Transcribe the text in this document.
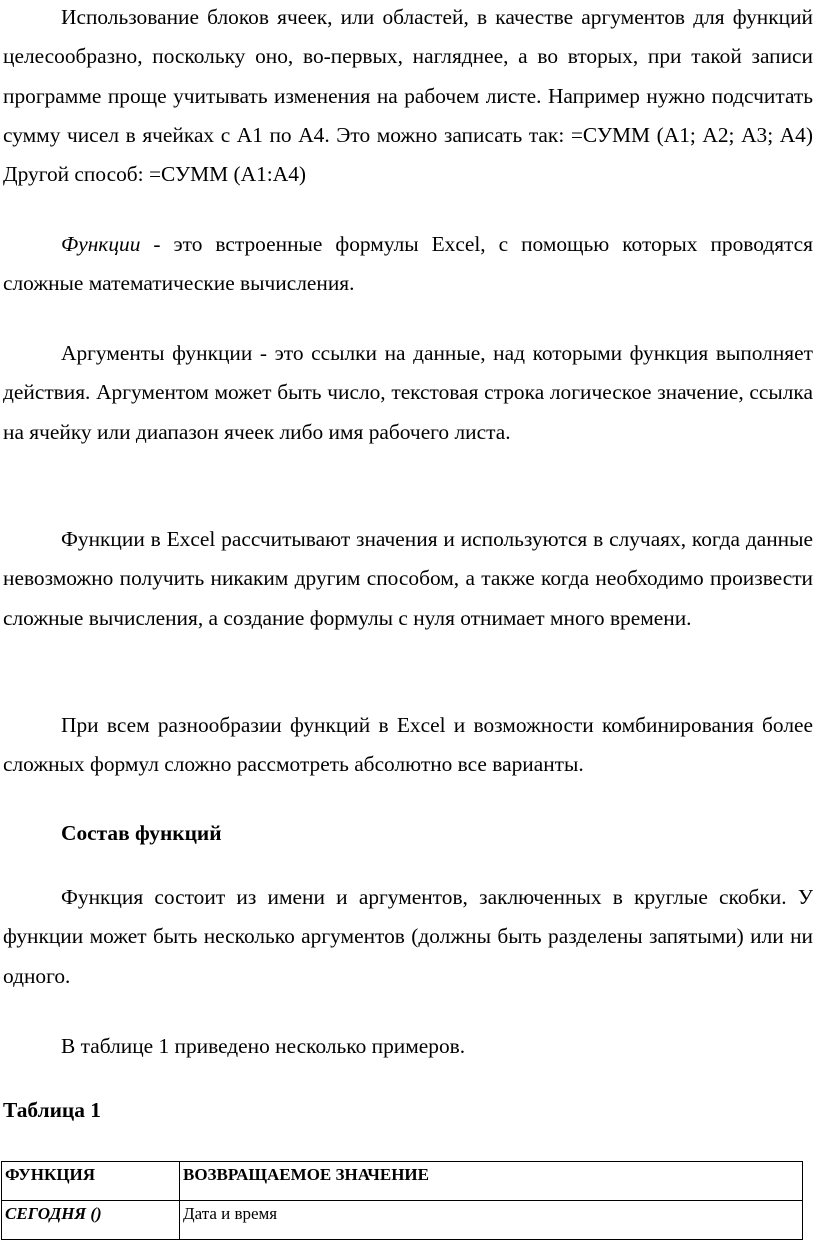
Использование блоков ячеек, или областей, в качестве аргументов для функций целесообразно, поскольку оно, во-первых, нагляднее, а во вторых, при такой записи программе проще учитывать изменения на рабочем листе. Например нужно подсчитать сумму чисел в ячейках с А1 по А4. Это можно записать так: =СУММ (А1; А2; А3; А4) Другой способ: =СУММ (А1:А4)

Функции - это встроенные формулы Excel, с помощью которых проводятся сложные математические вычисления.

Аргументы функции - это ссылки на данные, над которыми функция выполняет действия. Аргументом может быть число, текстовая строка логическое значение, ссылка на ячейку или диапазон ячеек либо имя рабочего листа.

Функции в Excel рассчитывают значения и используются в случаях, когда данные невозможно получить никаким другим способом, а также когда необходимо произвести сложные вычисления, а создание формулы с нуля отнимает много времени.

При всем разнообразии функций в Excel и возможности комбинирования более сложных формул сложно рассмотреть абсолютно все варианты.

Состав функций

Функция состоит из имени и аргументов, заключенных в круглые скобки. У функции может быть несколько аргументов (должны быть разделены запятыми) или ни одного.

В таблице 1 приведено несколько примеров.

Таблица 1
ФУНКЦИЯ	ВОЗВРАЩАЕМОЕ ЗНАЧЕНИЕ
СЕГОДНЯ ()	Дата и время
